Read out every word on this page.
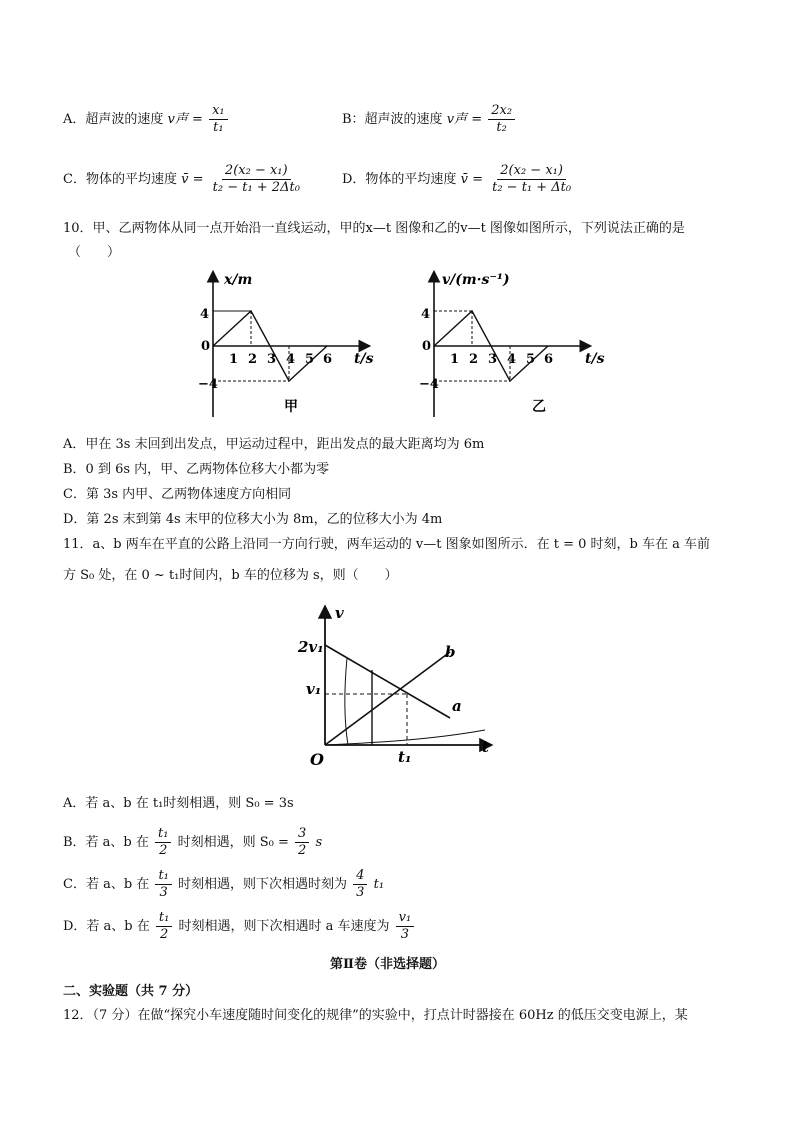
A．超声波的速度 v声 = $\frac{\text{x₁}}{\text{t₁}}$	B：超声波的速度 v声 = $\frac{\text{2x₂}}{\text{t₂}}$
C．物体的平均速度 v̄ = $\frac{\text{2(x₂ − x₁)}}{\text{t₂ − t₁ + 2Δt₀}}$	D．物体的平均速度 v̄ = $\frac{\text{2(x₂ − x₁)}}{\text{t₂ − t₁ + Δt₀}}$
10．甲、乙两物体从同一点开始沿一直线运动，甲的x—t 图像和乙的v—t 图像如图所示，下列说法正确的是
（　　）
x/m
t/s
4
−4
0
1 2 3 4 5 6
甲
v/(m·s⁻¹)
t/s
4
−4
0
1 2 3 4 5 6
乙
A．甲在 3s 末回到出发点，甲运动过程中，距出发点的最大距离均为 6m
B．0 到 6s 内，甲、乙两物体位移大小都为零
C．第 3s 内甲、乙两物体速度方向相同
D．第 2s 末到第 4s 末甲的位移大小为 8m，乙的位移大小为 4m
11．a、b 两车在平直的公路上沿同一方向行驶，两车运动的 v—t 图象如图所示．在 t = 0 时刻，b 车在 a 车前
方 S₀ 处，在 0 ~ t₁时间内，b 车的位移为 s，则（　　）
v
t
2v₁
v₁
O	t₁
b
a
A．若 a、b 在 t₁时刻相遇，则 S₀ = 3s
B．若 a、b 在 $\frac{\text{t₁}}{2}$ 时刻相遇，则 $S_0 = \frac{3}{2}$ s
C．若 a、b 在 $\frac{\text{t₁}}{3}$ 时刻相遇，则下次相遇时刻为 $\frac{4}{3} t_1$
D．若 a、b 在 $\frac{\text{t₁}}{2}$ 时刻相遇，则下次相遇时 a 车速度为 $\frac{\text{v₁}}{3}$
第Ⅱ卷（非选择题）
二、实验题（共 7 分）
12．（7 分）在做“探究小车速度随时间变化的规律”的实验中，打点计时器接在 60Hz 的低压交变电源上，某
